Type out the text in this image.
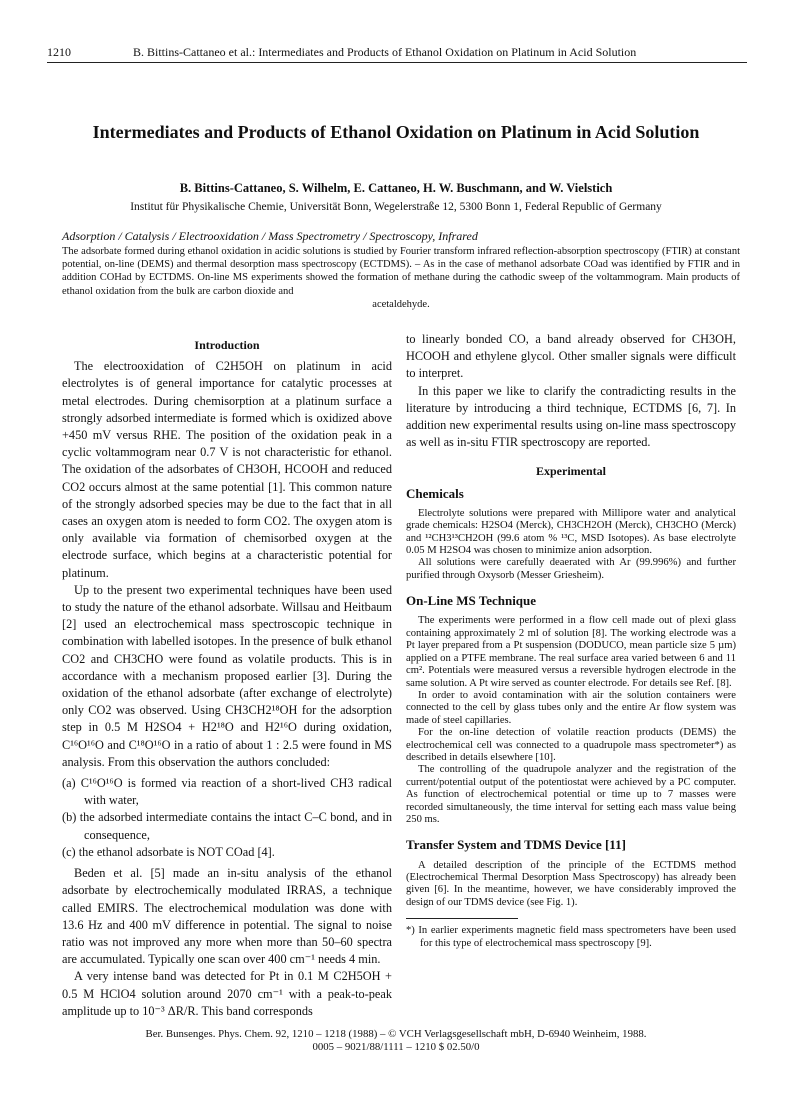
1210	B. Bittins-Cattaneo et al.: Intermediates and Products of Ethanol Oxidation on Platinum in Acid Solution
Intermediates and Products of Ethanol Oxidation on Platinum in Acid Solution
B. Bittins-Cattaneo, S. Wilhelm, E. Cattaneo, H. W. Buschmann, and W. Vielstich
Institut für Physikalische Chemie, Universität Bonn, Wegelerstraße 12, 5300 Bonn 1, Federal Republic of Germany
Adsorption / Catalysis / Electrooxidation / Mass Spectrometry / Spectroscopy, Infrared
The adsorbate formed during ethanol oxidation in acidic solutions is studied by Fourier transform infrared reflection-absorption spectroscopy (FTIR) at constant potential, on-line (DEMS) and thermal desorption mass spectroscopy (ECTDMS). – As in the case of methanol adsorbate COad was identified by FTIR and in addition COHad by ECTDMS. On-line MS experiments showed the formation of methane during the cathodic sweep of the voltammogram. Main products of ethanol oxidation from the bulk are carbon dioxide and
acetaldehyde.
Introduction

The electrooxidation of C2H5OH on platinum in acid electrolytes is of general importance for catalytic processes at metal electrodes. During chemisorption at a platinum surface a strongly adsorbed intermediate is formed which is oxidized above +450 mV versus RHE. The position of the oxidation peak in a cyclic voltammogram near 0.7 V is not characteristic for ethanol. The oxidation of the adsorbates of CH3OH, HCOOH and reduced CO2 occurs almost at the same potential [1]. This common nature of the strongly adsorbed species may be due to the fact that in all cases an oxygen atom is needed to form CO2. The oxygen atom is only available via formation of chemisorbed oxygen at the electrode surface, which begins at a characteristic potential for platinum.

Up to the present two experimental techniques have been used to study the nature of the ethanol adsorbate. Willsau and Heitbaum [2] used an electrochemical mass spectroscopic technique in combination with labelled isotopes. In the presence of bulk ethanol CO2 and CH3CHO were found as volatile products. This is in accordance with a mechanism proposed earlier [3]. During the oxidation of the ethanol adsorbate (after exchange of electrolyte) only CO2 was observed. Using CH3CH2¹⁸OH for the adsorption step in 0.5 M H2SO4 + H2¹⁸O and H2¹⁶O during oxidation, C¹⁶O¹⁶O and C¹⁸O¹⁶O in a ratio of about 1 : 2.5 were found in MS analysis. From this observation the authors concluded:

(a) C¹⁶O¹⁶O is formed via reaction of a short-lived CH3 radical with water,
(b) the adsorbed intermediate contains the intact C–C bond, and in consequence,
(c) the ethanol adsorbate is NOT COad [4].

Beden et al. [5] made an in-situ analysis of the ethanol adsorbate by electrochemically modulated IRRAS, a technique called EMIRS. The electrochemical modulation was done with 13.6 Hz and 400 mV difference in potential. The signal to noise ratio was not improved any more when more than 50–60 spectra are accumulated. Typically one scan over 400 cm⁻¹ needs 4 min.

A very intense band was detected for Pt in 0.1 M C2H5OH + 0.5 M HClO4 solution around 2070 cm⁻¹ with a peak-to-peak amplitude up to 10⁻³ ΔR/R. This band corresponds

to linearly bonded CO, a band already observed for CH3OH, HCOOH and ethylene glycol. Other smaller signals were difficult to interpret.

In this paper we like to clarify the contradicting results in the literature by introducing a third technique, ECTDMS [6, 7]. In addition new experimental results using on-line mass spectroscopy as well as in-situ FTIR spectroscopy are reported.

Experimental
Chemicals

Electrolyte solutions were prepared with Millipore water and analytical grade chemicals: H2SO4 (Merck), CH3CH2OH (Merck), CH3CHO (Merck) and ¹²CH3¹³CH2OH (99.6 atom % ¹³C, MSD Isotopes). As base electrolyte 0.05 M H2SO4 was chosen to minimize anion adsorption.

All solutions were carefully deaerated with Ar (99.996%) and further purified through Oxysorb (Messer Griesheim).

On-Line MS Technique

The experiments were performed in a flow cell made out of plexi glass containing approximately 2 ml of solution [8]. The working electrode was a Pt layer prepared from a Pt suspension (DODUCO, mean particle size 5 µm) applied on a PTFE membrane. The real surface area varied between 6 and 11 cm². Potentials were measured versus a reversible hydrogen electrode in the same solution. A Pt wire served as counter electrode. For details see Ref. [8].

In order to avoid contamination with air the solution containers were connected to the cell by glass tubes only and the entire Ar flow system was made of steel capillaries.

For the on-line detection of volatile reaction products (DEMS) the electrochemical cell was connected to a quadrupole mass spectrometer*) as described in details elsewhere [10].

The controlling of the quadrupole analyzer and the registration of the current/potential output of the potentiostat were achieved by a PC computer. As function of electrochemical potential or time up to 7 masses were recorded simultaneously, the time interval for setting each mass value being 250 ms.

Transfer System and TDMS Device [11]

A detailed description of the principle of the ECTDMS method (Electrochemical Thermal Desorption Mass Spectroscopy) has already been given [6]. In the meantime, however, we have considerably improved the design of our TDMS device (see Fig. 1).

*) In earlier experiments magnetic field mass spectrometers have been used for this type of electrochemical mass spectroscopy [9].
Ber. Bunsenges. Phys. Chem. 92, 1210 – 1218 (1988) – © VCH Verlagsgesellschaft mbH, D-6940 Weinheim, 1988.
0005 – 9021/88/1111 – 1210 $ 02.50/0
